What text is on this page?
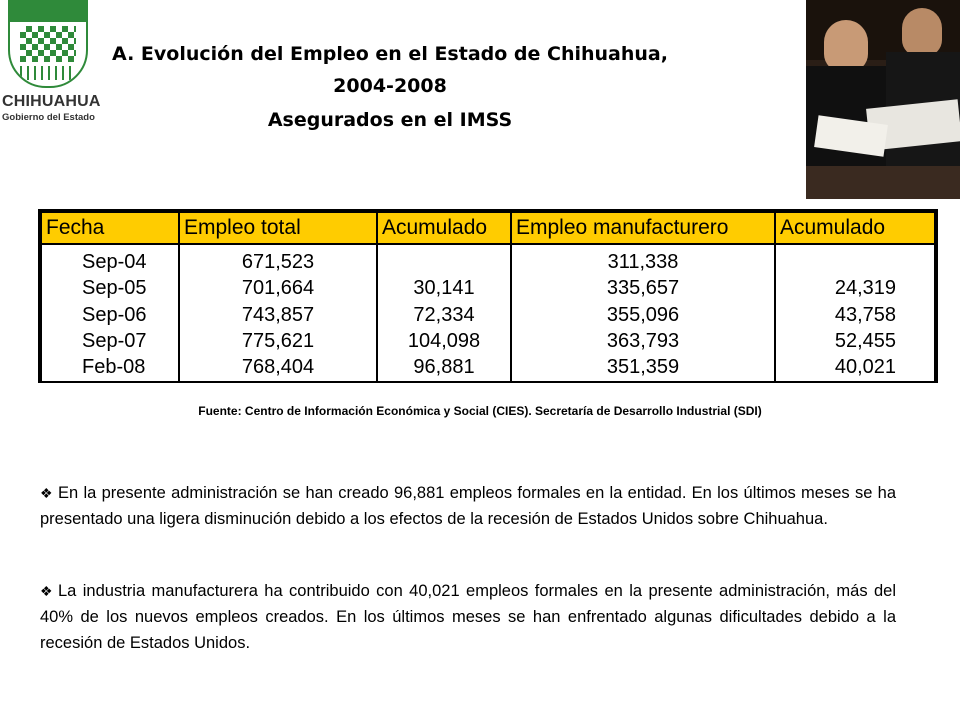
CHIHUAHUA
Gobierno del Estado
A. Evolución del Empleo en el Estado de Chihuahua,
2004-2008
Asegurados en el IMSS
Fecha	Empleo total	Acumulado	Empleo manufacturero	Acumulado
Sep-04	671,523		311,338	
Sep-05	701,664	30,141	335,657	24,319
Sep-06	743,857	72,334	355,096	43,758
Sep-07	775,621	104,098	363,793	52,455
Feb-08	768,404	96,881	351,359	40,021
Fuente: Centro de Información Económica y Social (CIES). Secretaría de Desarrollo Industrial (SDI)
❖ En la presente administración se han creado 96,881 empleos formales en la entidad. En los últimos meses se ha presentado una ligera disminución debido a los efectos de la recesión de Estados Unidos sobre Chihuahua.
❖ La industria manufacturera ha contribuido con 40,021 empleos formales en la presente administración, más del 40% de los nuevos empleos creados. En los últimos meses se han enfrentado algunas dificultades debido a la recesión de Estados Unidos.
